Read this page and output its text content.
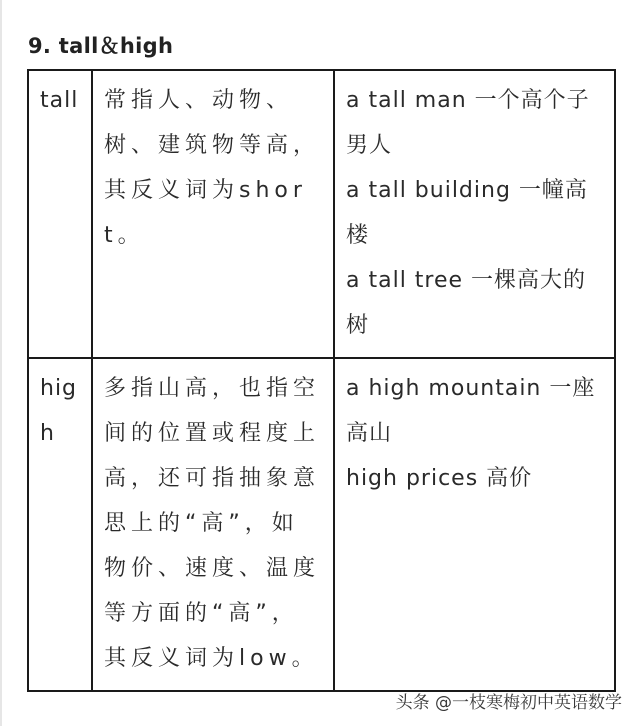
9. tall＆high
tall	常指人、动物、树、建筑物等高，其反义词为short。	a tall man 一个高个子男人
a tall building 一幢高楼
a tall tree 一棵高大的树

high	多指山高，也指空间的位置或程度上高，还可指抽象意思上的“高”，如物价、速度、温度等方面的“高”，其反义词为low。	a high mountain 一座高山
high prices 高价
头条 @一枝寒梅初中英语数学
